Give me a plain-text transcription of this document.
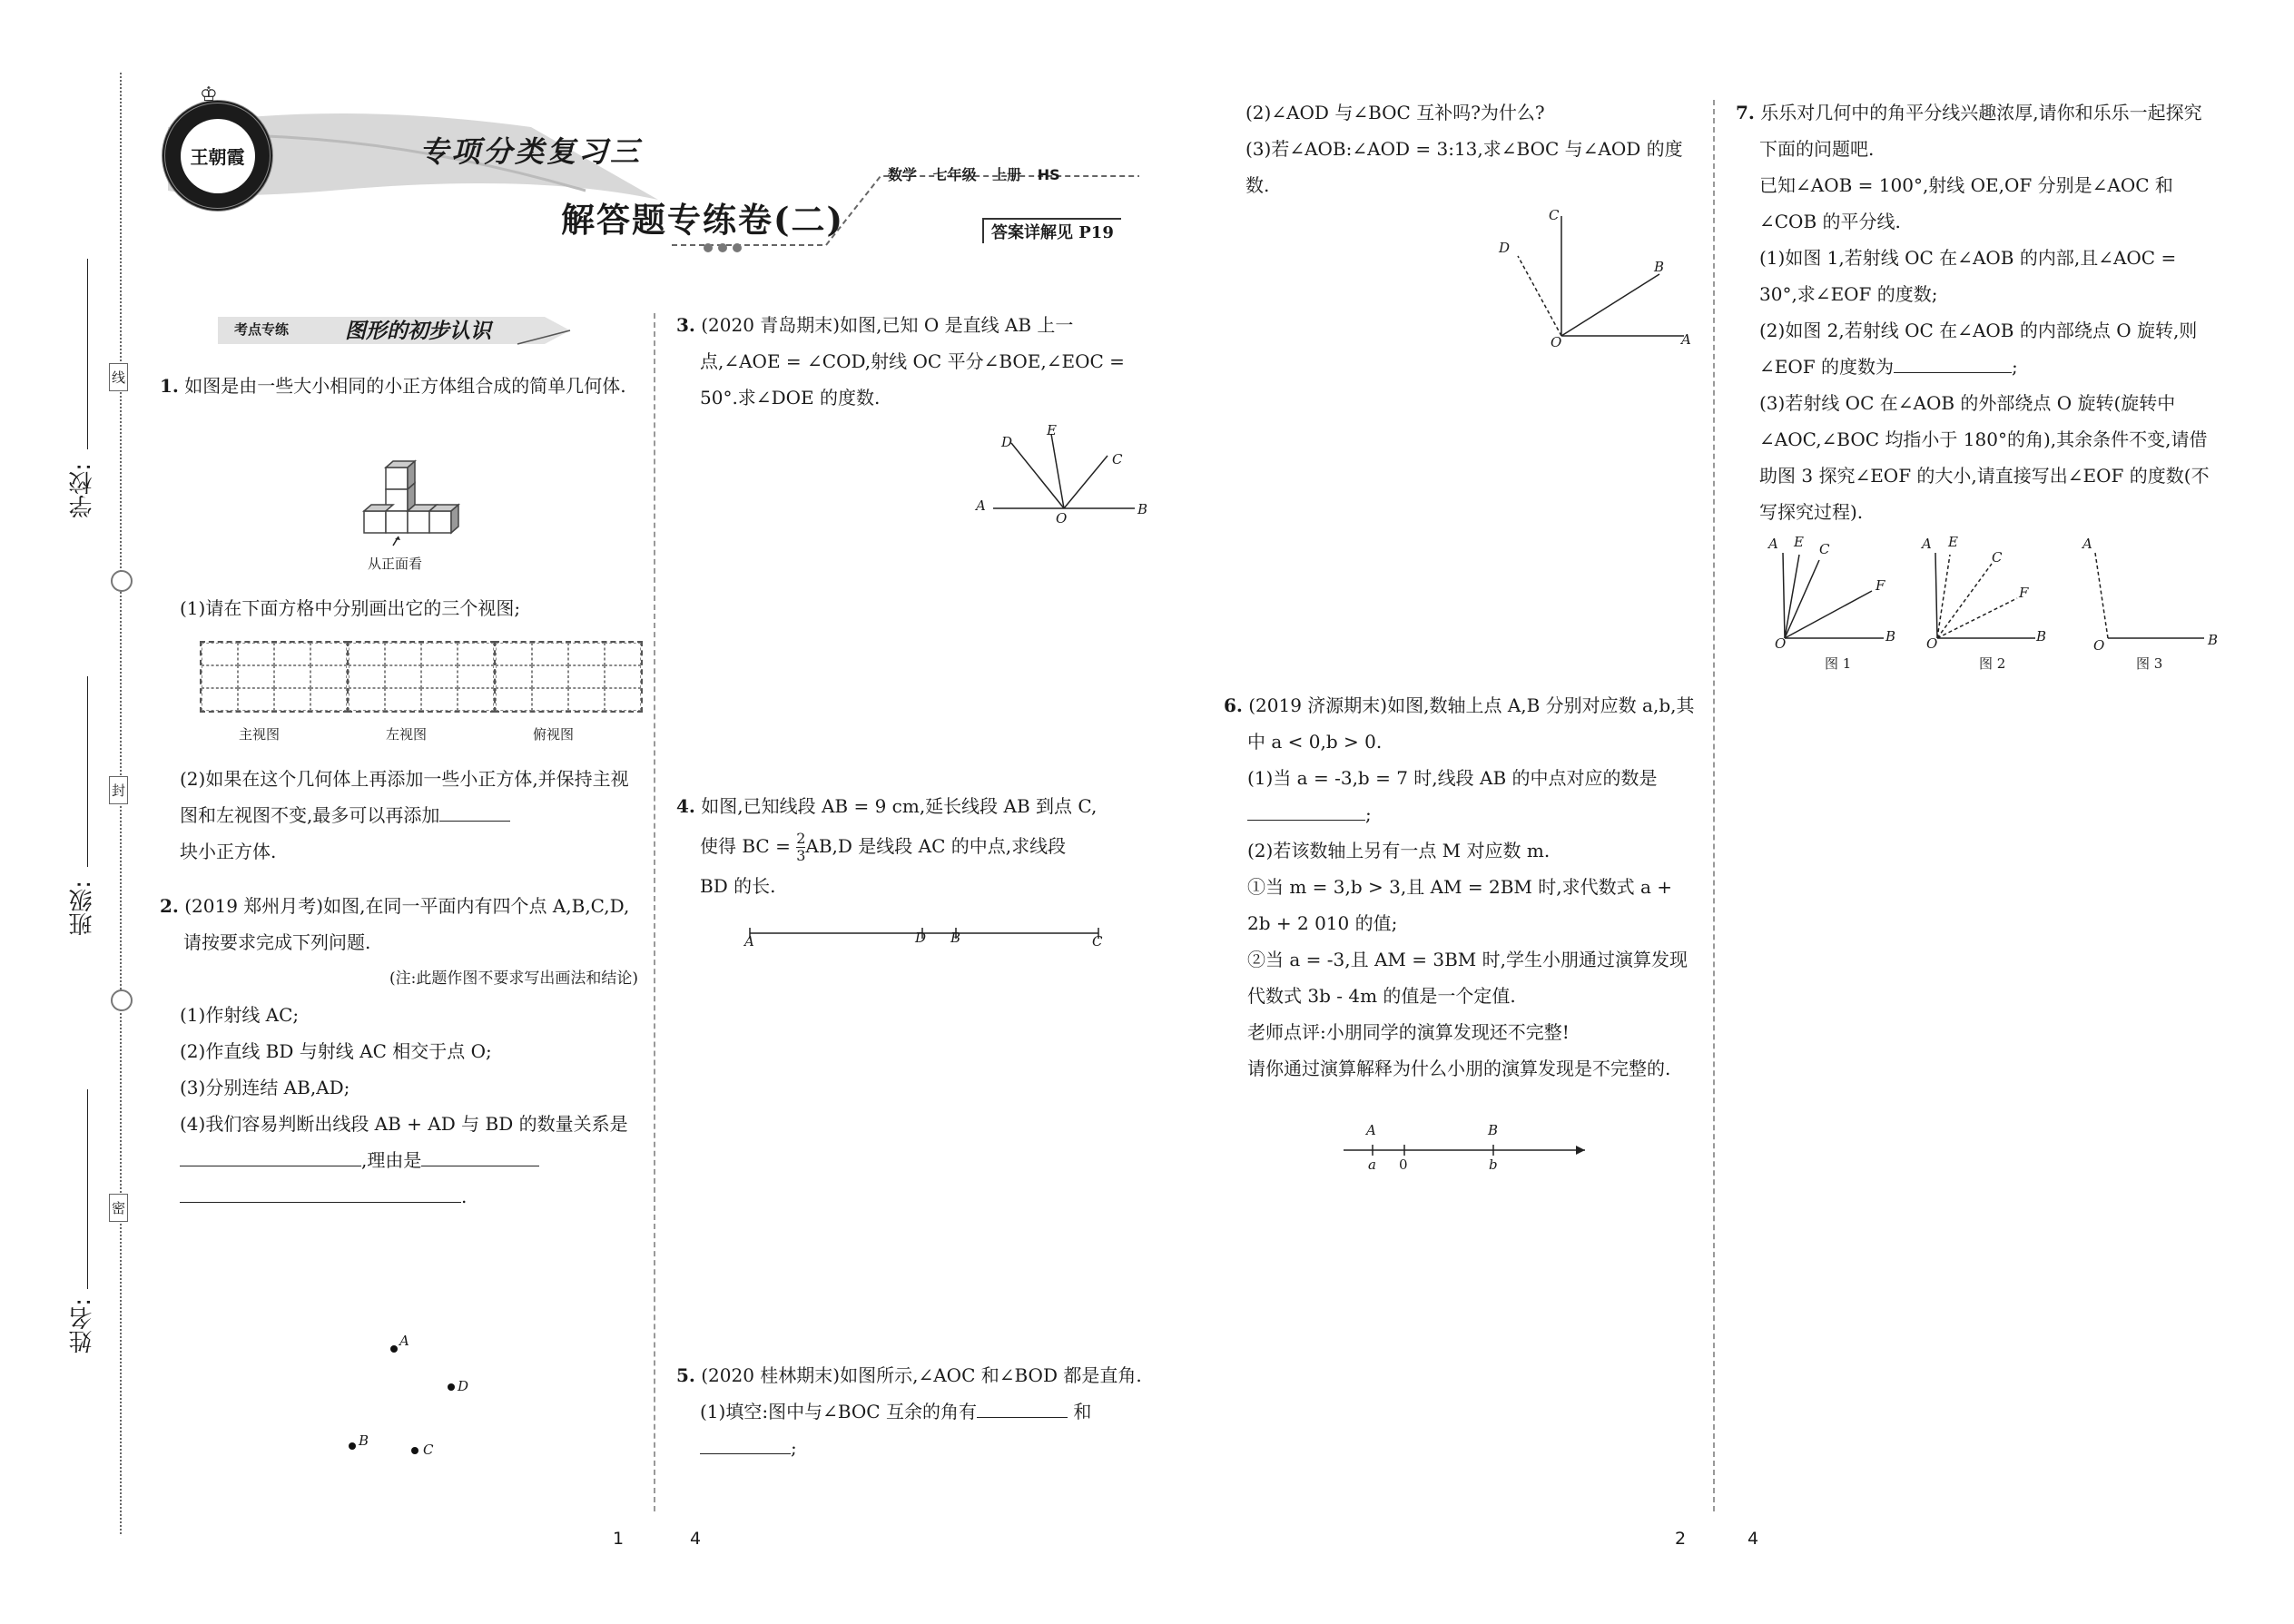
学校:
班级:
姓名:
线
封
密
王朝霞
♔
专项分类复习三
解答题专练卷(二)
数学 七年级 上册 HS
答案详解见 P19
考点专练	图形的初步认识

1. 如图是由一些大小相同的小正方体组合成的简单几何体.

从正面看
(1)请在下面方格中分别画出它的三个视图;
主视图	左视图	俯视图
(2)如果在这个几何体上再添加一些小正方体,并保持主视图和左视图不变,最多可以再添加
块小正方体.

2. (2019 郑州月考)如图,在同一平面内有四个点 A,B,C,D,请按要求完成下列问题.

(注:此题作图不要求写出画法和结论)

(1)作射线 AC;

(2)作直线 BD 与射线 AC 相交于点 O;

(3)分别连结 AB,AD;

(4)我们容易判断出线段 AB + AD 与 BD 的数量关系是,理由是

.

A
D
B
C

3. (2020 青岛期末)如图,已知 O 是直线 AB 上一点,∠AOE = ∠COD,射线 OC 平分∠BOE,∠EOC = 50°.求∠DOE 的度数.

D
E
C
A
O
B

4. 如图,已知线段 AB = 9 cm,延长线段 AB 到点 C,

使得 BC = $\frac{2}{3} AB,D$ 是线段 AC 的中点,求线段

BD 的长.

A	D B	C

5. (2020 桂林期末)如图所示,∠AOC 和∠BOD 都是直角.

(1)填空:图中与∠BOC 互余的角有	和

;

(2)∠AOD 与∠BOC 互补吗?为什么?

(3)若∠AOB:∠AOD = 3:13,求∠BOC 与∠AOD 的度数.

C
D
B
O	A

6. (2019 济源期末)如图,数轴上点 A,B 分别对应数 a,b,其中 a < 0,b > 0.

(1)当 a = -3,b = 7 时,线段 AB 的中点对应的数是;

(2)若该数轴上另有一点 M 对应数 m.

①当 m = 3,b > 3,且 AM = 2BM 时,求代数式 a + 2b + 2 010 的值;

②当 a = -3,且 AM = 3BM 时,学生小朋通过演算发现代数式 3b - 4m 的值是一个定值.

老师点评:小朋同学的演算发现还不完整!

请你通过演算解释为什么小朋的演算发现是不完整的.

A	B
a 0	b

7. 乐乐对几何中的角平分线兴趣浓厚,请你和乐乐一起探究下面的问题吧.

已知∠AOB = 100°,射线 OE,OF 分别是∠AOC 和∠COB 的平分线.

(1)如图 1,若射线 OC 在∠AOB 的内部,且∠AOC = 30°,求∠EOF 的度数;

(2)如图 2,若射线 OC 在∠AOB 的内部绕点 O 旋转,则∠EOF 的度数为	;

(3)若射线 OC 在∠AOB 的外部绕点 O 旋转(旋转中∠AOC,∠BOC 均指小于 180°的角),其余条件不变,请借助图 3 探究∠EOF 的大小,请直接写出∠EOF 的度数(不写探究过程).

A E C
F
O	B
A E
C
F
O	B
A
O	B
图 1	图 2	图 3
1	4	2	4
